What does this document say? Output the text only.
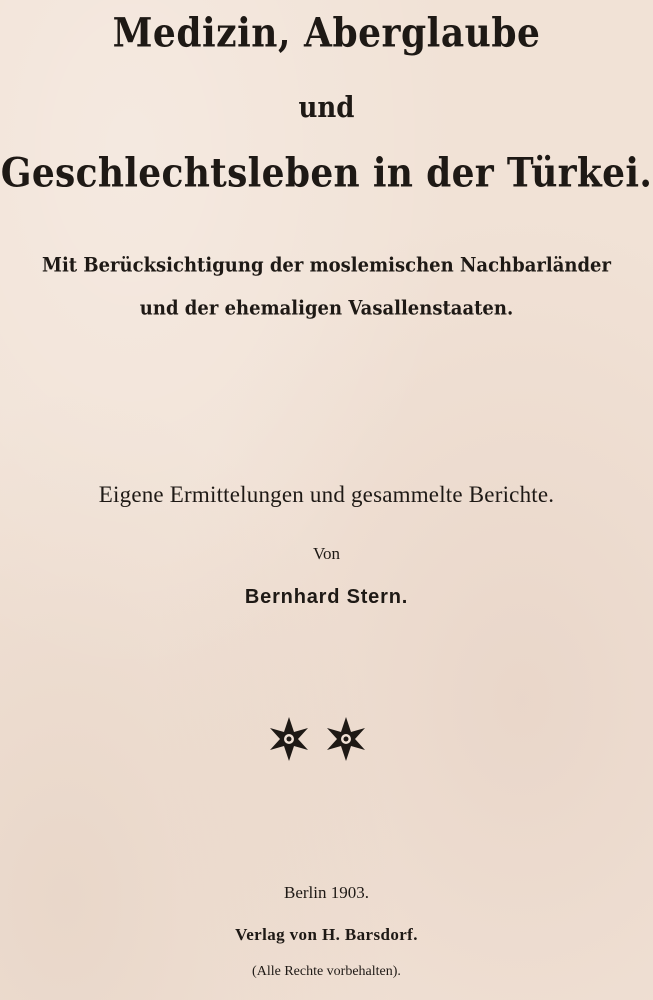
Medizin, Aberglaube
und
Geschlechtsleben in der Türkei.
Mit Berücksichtigung der moslemischen Nachbarländer
und der ehemaligen Vasallenstaaten.
Eigene Ermittelungen und gesammelte Berichte.
Von
Bernhard Stern.
Berlin 1903.
Verlag von H. Barsdorf.
(Alle Rechte vorbehalten).
